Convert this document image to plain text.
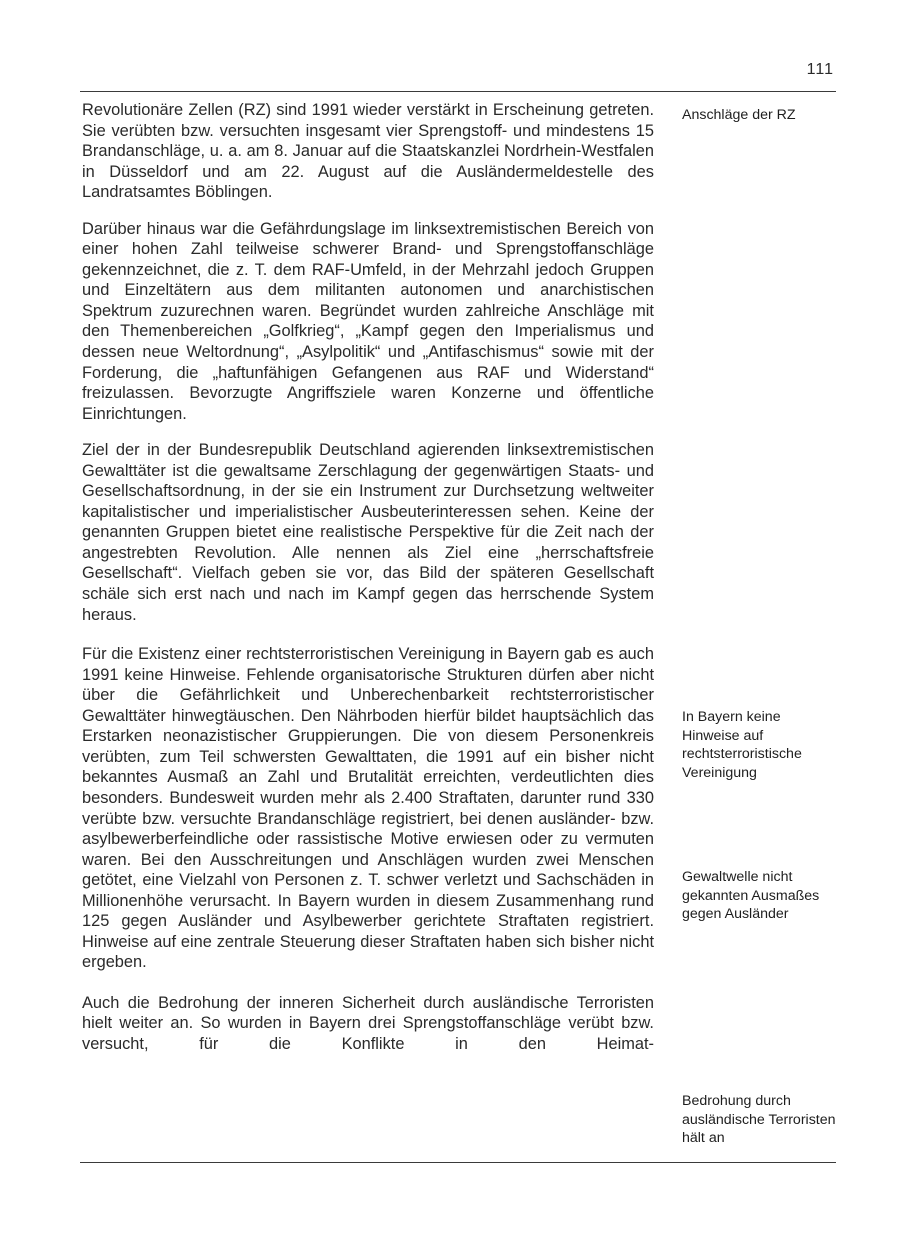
111

Revolutionäre Zellen (RZ) sind 1991 wieder verstärkt in Erscheinung getreten. Sie verübten bzw. versuchten insgesamt vier Sprengstoff- und mindestens 15 Brandanschläge, u. a. am 8. Januar auf die Staatskanzlei Nordrhein-Westfalen in Düsseldorf und am 22. August auf die Ausländermeldestelle des Landratsamtes Böblingen.

Darüber hinaus war die Gefährdungslage im linksextremistischen Bereich von einer hohen Zahl teilweise schwerer Brand- und Sprengstoffanschläge gekennzeichnet, die z. T. dem RAF-Umfeld, in der Mehrzahl jedoch Gruppen und Einzeltätern aus dem militanten autonomen und anarchistischen Spektrum zuzurechnen waren. Begründet wurden zahlreiche Anschläge mit den Themenbereichen „Golfkrieg“, „Kampf gegen den Imperialismus und dessen neue Weltordnung“, „Asylpolitik“ und „Antifaschismus“ sowie mit der Forderung, die „haftunfähigen Gefangenen aus RAF und Widerstand“ freizulassen. Bevorzugte Angriffsziele waren Konzerne und öffentliche Einrichtungen.

Ziel der in der Bundesrepublik Deutschland agierenden linksextremistischen Gewalttäter ist die gewaltsame Zerschlagung der gegenwärtigen Staats- und Gesellschaftsordnung, in der sie ein Instrument zur Durchsetzung weltweiter kapitalistischer und imperialistischer Ausbeuterinteressen sehen. Keine der genannten Gruppen bietet eine realistische Perspektive für die Zeit nach der angestrebten Revolution. Alle nennen als Ziel eine „herrschaftsfreie Gesellschaft“. Vielfach geben sie vor, das Bild der späteren Gesellschaft schäle sich erst nach und nach im Kampf gegen das herrschende System heraus.

Für die Existenz einer rechtsterroristischen Vereinigung in Bayern gab es auch 1991 keine Hinweise. Fehlende organisatorische Strukturen dürfen aber nicht über die Gefährlichkeit und Unberechenbarkeit rechtsterroristischer Gewalttäter hinwegtäuschen. Den Nährboden hierfür bildet hauptsächlich das Erstarken neonazistischer Gruppierungen. Die von diesem Personenkreis verübten, zum Teil schwersten Gewalttaten, die 1991 auf ein bisher nicht bekanntes Ausmaß an Zahl und Brutalität erreichten, verdeutlichten dies besonders. Bundesweit wurden mehr als 2.400 Straftaten, darunter rund 330 verübte bzw. versuchte Brandanschläge registriert, bei denen ausländer- bzw. asylbewerberfeindliche oder rassistische Motive erwiesen oder zu vermuten waren. Bei den Ausschreitungen und Anschlägen wurden zwei Menschen getötet, eine Vielzahl von Personen z. T. schwer verletzt und Sachschäden in Millionenhöhe verursacht. In Bayern wurden in diesem Zusammenhang rund 125 gegen Ausländer und Asylbewerber gerichtete Straftaten registriert. Hinweise auf eine zentrale Steuerung dieser Straftaten haben sich bisher nicht ergeben.

Auch die Bedrohung der inneren Sicherheit durch ausländische Terroristen hielt weiter an. So wurden in Bayern drei Sprengstoffanschläge verübt bzw. versucht, für die Konflikte in den Heimat-

Anschläge der RZ
In Bayern keine Hinweise auf rechtsterroristische Vereinigung
Gewaltwelle nicht gekannten Ausmaßes gegen Ausländer
Bedrohung durch ausländische Terroristen hält an
